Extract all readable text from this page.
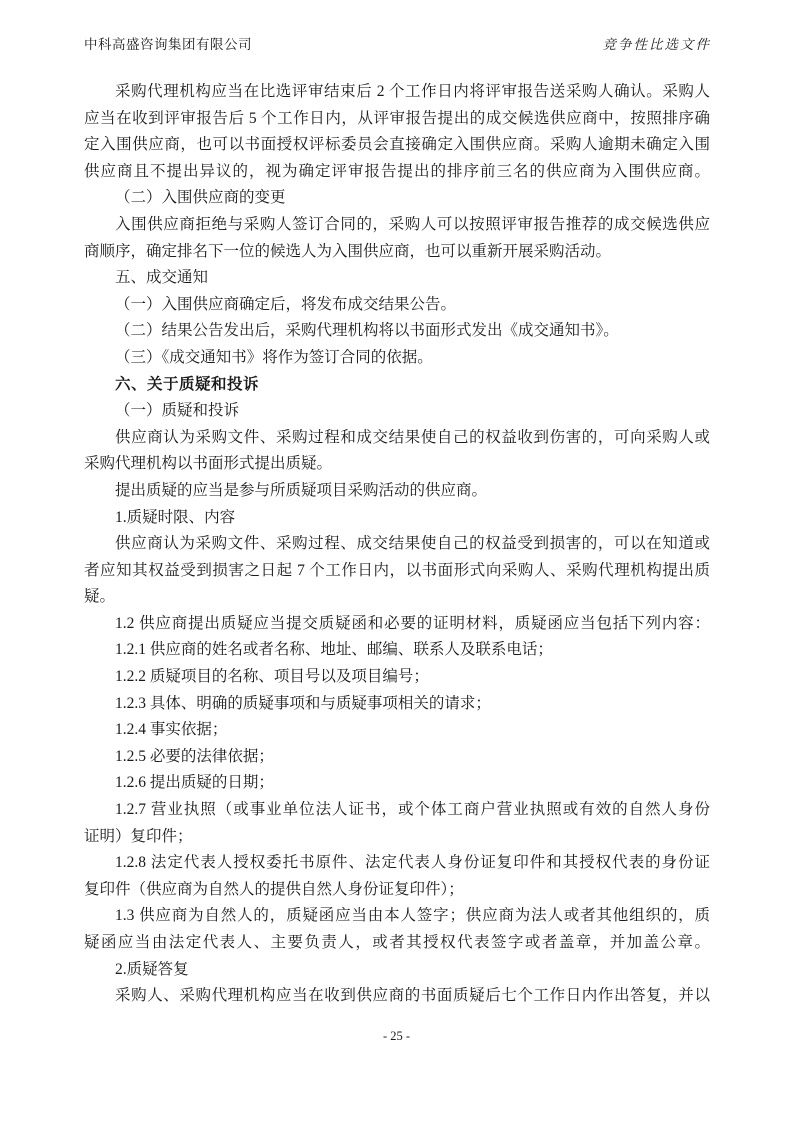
中科高盛咨询集团有限公司	竞争性比选文件
采购代理机构应当在比选评审结束后 2 个工作日内将评审报告送采购人确认。采购人
应当在收到评审报告后 5 个工作日内，从评审报告提出的成交候选供应商中，按照排序确
定入围供应商，也可以书面授权评标委员会直接确定入围供应商。采购人逾期未确定入围
供应商且不提出异议的，视为确定评审报告提出的排序前三名的供应商为入围供应商。
（二）入围供应商的变更
入围供应商拒绝与采购人签订合同的，采购人可以按照评审报告推荐的成交候选供应
商顺序，确定排名下一位的候选人为入围供应商，也可以重新开展采购活动。
五、成交通知
（一）入围供应商确定后，将发布成交结果公告。
（二）结果公告发出后，采购代理机构将以书面形式发出《成交通知书》。
（三）《成交通知书》将作为签订合同的依据。
六、关于质疑和投诉
（一）质疑和投诉
供应商认为采购文件、采购过程和成交结果使自己的权益收到伤害的，可向采购人或
采购代理机构以书面形式提出质疑。
提出质疑的应当是参与所质疑项目采购活动的供应商。
1.质疑时限、内容
供应商认为采购文件、采购过程、成交结果使自己的权益受到损害的，可以在知道或
者应知其权益受到损害之日起 7 个工作日内，以书面形式向采购人、采购代理机构提出质
疑。
1.2 供应商提出质疑应当提交质疑函和必要的证明材料，质疑函应当包括下列内容：
1.2.1 供应商的姓名或者名称、地址、邮编、联系人及联系电话；
1.2.2 质疑项目的名称、项目号以及项目编号；
1.2.3 具体、明确的质疑事项和与质疑事项相关的请求；
1.2.4 事实依据；
1.2.5 必要的法律依据；
1.2.6 提出质疑的日期；
1.2.7 营业执照（或事业单位法人证书，或个体工商户营业执照或有效的自然人身份
证明）复印件；
1.2.8 法定代表人授权委托书原件、法定代表人身份证复印件和其授权代表的身份证
复印件（供应商为自然人的提供自然人身份证复印件）；
1.3 供应商为自然人的，质疑函应当由本人签字；供应商为法人或者其他组织的，质
疑函应当由法定代表人、主要负责人，或者其授权代表签字或者盖章，并加盖公章。
2.质疑答复
采购人、采购代理机构应当在收到供应商的书面质疑后七个工作日内作出答复，并以
- 25 -
